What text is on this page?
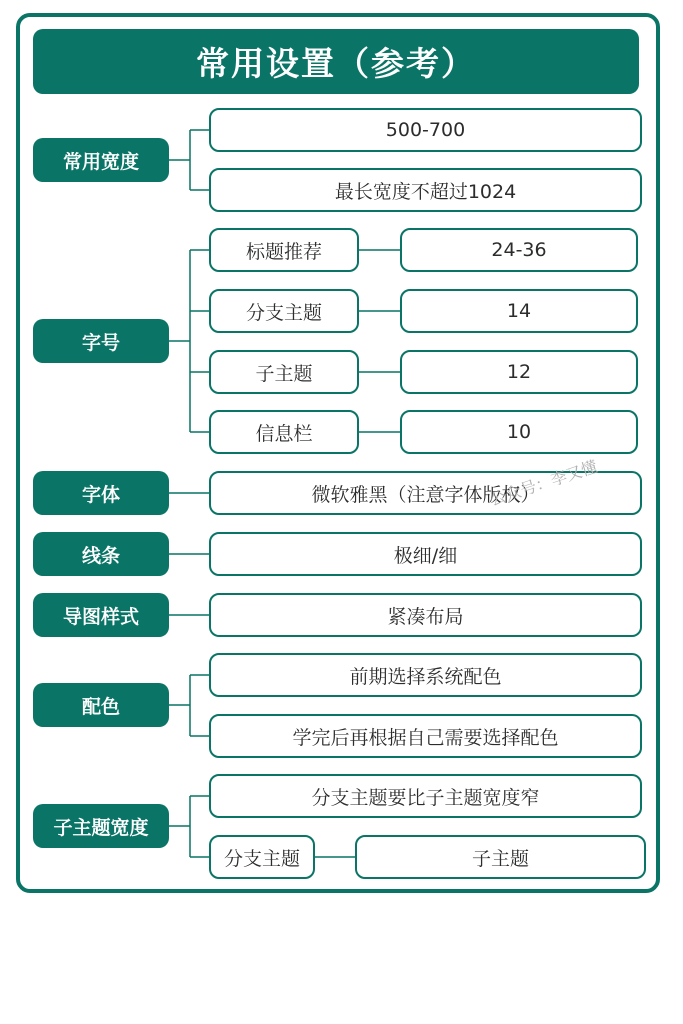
常用设置（参考）
常用宽度
500-700
最长宽度不超过1024
字号
标题推荐	24-36
分支主题	14
子主题	12
信息栏	10
字体	微软雅黑（注意字体版权）
线条	极细/细
导图样式	紧凑布局
配色
前期选择系统配色
学完后再根据自己需要选择配色
子主题宽度
分支主题要比子主题宽度窄
分支主题	子主题
公众号：李又懂
